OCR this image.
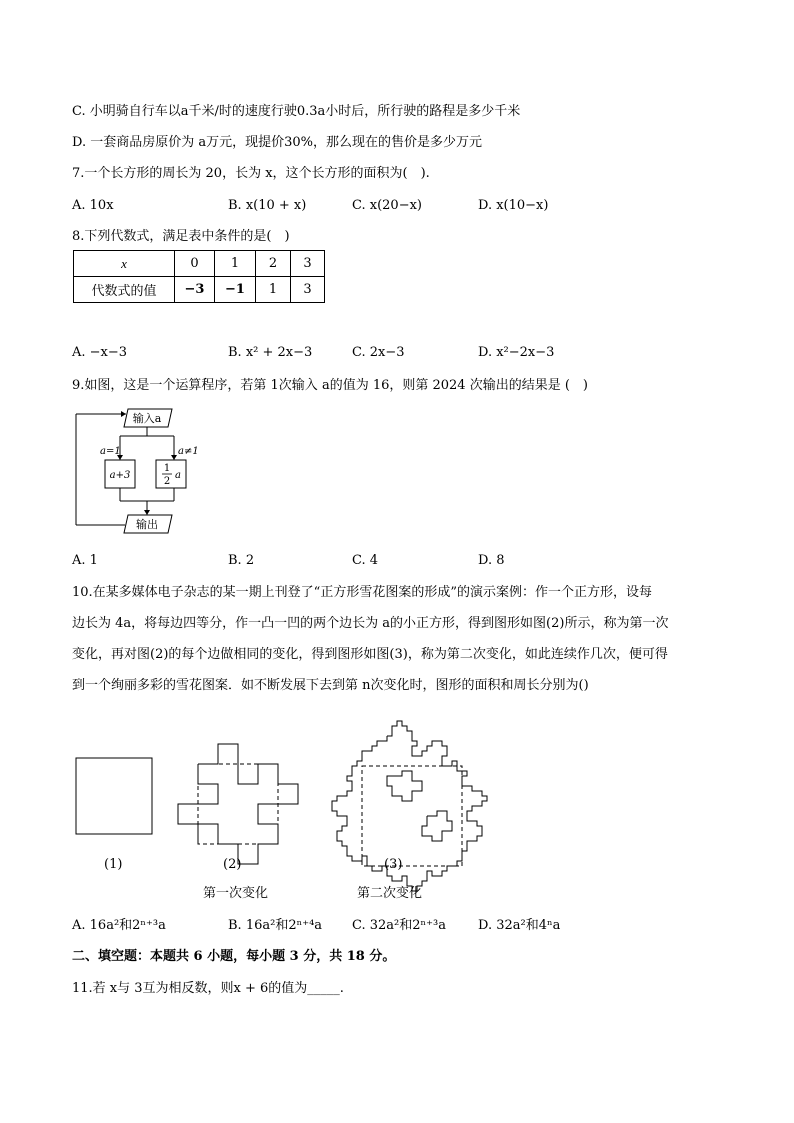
C. 小明骑自行车以a千米/时的速度行驶0.3a小时后，所行驶的路程是多少千米
D. 一套商品房原价为 a万元，现提价30%，那么现在的售价是多少万元
7.一个长方形的周长为 20，长为 x，这个长方形的面积为(　).
A. 10x	B. x(10 + x)	C. x(20−x)	D. x(10−x)
8.下列代数式，满足表中条件的是(　)
x	0	1	2	3
代数式的值	−3	−1	1	3
A. −x−3	B. x² + 2x−3	C. 2x−3	D. x²−2x−3
9.如图，这是一个运算程序，若第 1次输入 a的值为 16，则第 2024 次输出的结果是 (　)
输入a
a=1	a≠1
a+3
1
2
a
输出
A. 1	B. 2	C. 4	D. 8
10.在某多媒体电子杂志的某一期上刊登了“正方形雪花图案的形成”的演示案例：作一个正方形，设每
边长为 4a，将每边四等分，作一凸一凹的两个边长为 a的小正方形，得到图形如图(2)所示，称为第一次
变化，再对图(2)的每个边做相同的变化，得到图形如图(3)，称为第二次变化，如此连续作几次，便可得
到一个绚丽多彩的雪花图案．如不断发展下去到第 n次变化时，图形的面积和周长分别为()
(1)	(2)	(3)
第一次变化	第二次变化
A. 16a²和2ⁿ⁺³a	B. 16a²和2ⁿ⁺⁴a C. 32a²和2ⁿ⁺³a D. 32a²和4ⁿa
二、填空题：本题共 6 小题，每小题 3 分，共 18 分。
11.若 x与 3互为相反数，则x + 6的值为_____.
